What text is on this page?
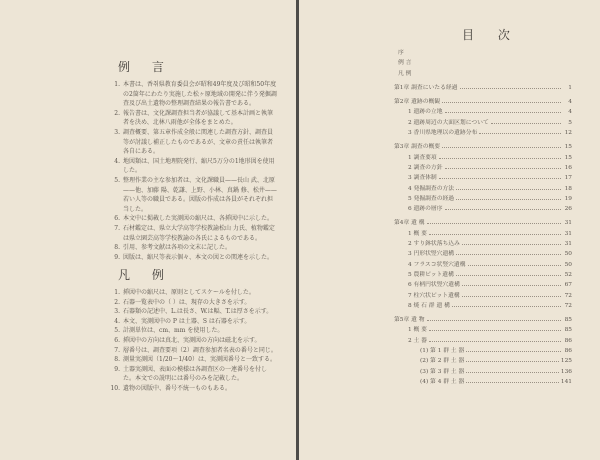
例 言
1. 本書は、香취県教育委員会が昭和49年度及び昭和50年度の2箇年にわたり実施した松ヶ原地域の開発に伴う発掘調査及び出土遺物の整理調査結果の報告書である。
2. 報告書は、文化課調査担当者が協議して基本計画と執筆者を決め、北林八雨他が全体をまとめた。
3. 調査概要、第五章作成全般に関連した調査方針、調査員等が討議し補正したものであるが、文章の責任は執筆者各自にある。
4. 地図類は、国土地理院発行、縮尺5万分の1地形図を使用した。
5. 整理作業の主な参加者は、文化課職員——長山 武、北原——他、加藤 陽、乾謙、上野、小林、真鍋 修、松井——若い人等の職員である。図版の作成は各員がそれぞれ担当した。
6. 本文中に掲載した実測図の縮尺は、各挿図中に示した。
7. 石材鑑定は、県立大学高等学校教諭松山 力氏、植物鑑定は県立園芸高等学校教諭の各氏によるものである。
8. 引用、参考文献は各項の文末に記した。
9. 図版は、縮尺等表示個々、本文の図との関連を示した。
凡 例
1. 挿図中の縮尺は、原則としてスケールを付した。
2. 石器一覧表中の（ ）は、現存の大きさを示す。
3. 石器類の記述中、L.は長さ、W.は幅、T.は厚さを示す。
4. 本文、実測図中の P は土器、S は石器を示す。
5. 計測単位は、cm、mm を使用した。
6. 挿図中の方向は真北、実測図の方向は磁北を示す。
7. 層番号は、調査要項（2）調査参加者名表の番号と同じ。
8. 測量実測図（1/20〜1/40）は、実測図番号と一致する。
9. 土器実測図、表面の模様は各調査区の一連番号を付した。本文での説明には番号のみを記載した。
10. 遺物の図版中、番号不統一ものもある。
目 次
序
例 言
凡 例
第1章 調査にいたる経過	1
第2章 遺跡の概観	4
1 遺跡の立地	4
2 遺跡周辺の大面区划について	5
3 香川県地理以の遺跡分布	12
第3章 調査の概要	15
1 調査要項	15
2 調査の方針	16
3 調査体制	17
4 発掘調査の方法	18
5 発掘調査の経過	19
6 遺跡の層序	26
第4章 遺 構	31
1 概 要	31
2 すり鉢状落ち込み	31
3 円形状竪穴遺構	50
4 フラスコ状竪穴遺構	50
5 農耕ピット遺構	52
6 有柄円状竪穴遺構	67
7 柱穴状ピット遺構	72
8 焼 石 群 遺 構	72
第5章 遺 物	85
1 概 要	85
2 土 器	86
(1) 第 1 群 土 器	86
(2) 第 2 群 土 器	125
(3) 第 3 群 土 器	136
(4) 第 4 群 土 器	141
